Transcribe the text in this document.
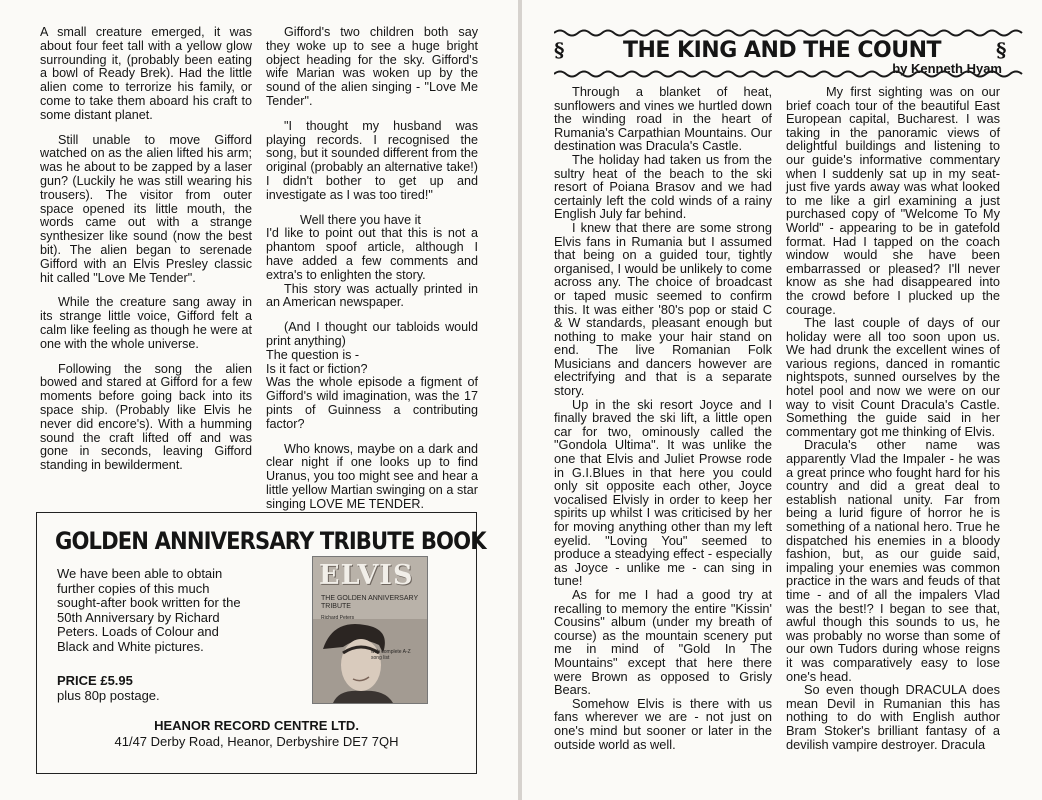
A small creature emerged, it was about four feet tall with a yellow glow surrounding it, (probably been eating a bowl of Ready Brek). Had the little alien come to terrorize his family, or come to take them aboard his craft to some distant planet.

Still unable to move Gifford watched on as the alien lifted his arm; was he about to be zapped by a laser gun? (Luckily he was still wearing his trousers). The visitor from outer space opened its little mouth, the words came out with a strange synthesizer like sound (now the best bit). The alien began to serenade Gifford with an Elvis Presley classic hit called "Love Me Tender".

While the creature sang away in its strange little voice, Gifford felt a calm like feeling as though he were at one with the whole universe.

Following the song the alien bowed and stared at Gifford for a few moments before going back into its space ship. (Probably like Elvis he never did encore's). With a humming sound the craft lifted off and was gone in seconds, leaving Gifford standing in bewilderment.

Gifford's two children both say they woke up to see a huge bright object heading for the sky. Gifford's wife Marian was woken up by the sound of the alien singing - "Love Me Tender".

"I thought my husband was playing records. I recognised the song, but it sounded different from the original (probably an alternative take!) I didn't bother to get up and investigate as I was too tired!"

Well there you have it

I'd like to point out that this is not a phantom spoof article, although I have added a few comments and extra's to enlighten the story.

This story was actually printed in an American newspaper.

(And I thought our tabloids would print anything)

The question is -

Is it fact or fiction?

Was the whole episode a figment of Gifford's wild imagination, was the 17 pints of Guinness a contributing factor?

Who knows, maybe on a dark and clear night if one looks up to find Uranus, you too might see and hear a little yellow Martian swinging on a star singing LOVE ME TENDER.

GOLDEN ANNIVERSARY TRIBUTE BOOK
We have been able to obtain further copies of this much sought-after book written for the 50th Anniversary by Richard Peters. Loads of Colour and Black and White pictures.
PRICE £5.95
plus 80p postage.
HEANOR RECORD CENTRE LTD.
41/47 Derby Road, Heanor, Derbyshire DE7 7QH
ELVIS
THE GOLDEN ANNIVERSARY TRIBUTE
Richard Peters
with complete A-Z song list
§	THE KING AND THE COUNT	§
by Kenneth Hyam

Through a blanket of heat, sunflowers and vines we hurtled down the winding road in the heart of Rumania's Carpathian Mountains. Our destination was Dracula's Castle.

The holiday had taken us from the sultry heat of the beach to the ski resort of Poiana Brasov and we had certainly left the cold winds of a rainy English July far behind.

I knew that there are some strong Elvis fans in Rumania but I assumed that being on a guided tour, tightly organised, I would be unlikely to come across any. The choice of broadcast or taped music seemed to confirm this. It was either '80's pop or staid C & W standards, pleasant enough but nothing to make your hair stand on end. The live Romanian Folk Musicians and dancers however are electrifying and that is a separate story.

Up in the ski resort Joyce and I finally braved the ski lift, a little open car for two, ominously called the "Gondola Ultima". It was unlike the one that Elvis and Juliet Prowse rode in G.I.Blues in that here you could only sit opposite each other, Joyce vocalised Elvisly in order to keep her spirits up whilst I was criticised by her for moving anything other than my left eyelid. "Loving You" seemed to produce a steadying effect - especially as Joyce - unlike me - can sing in tune!

As for me I had a good try at recalling to memory the entire "Kissin' Cousins" album (under my breath of course) as the mountain scenery put me in mind of "Gold In The Mountains" except that here there were Brown as opposed to Grisly Bears.

Somehow Elvis is there with us fans wherever we are - not just on one's mind but sooner or later in the outside world as well.

My first sighting was on our brief coach tour of the beautiful East European capital, Bucharest. I was taking in the panoramic views of delightful buildings and listening to our guide's informative commentary when I suddenly sat up in my seat-just five yards away was what looked to me like a girl examining a just purchased copy of "Welcome To My World" - appearing to be in gatefold format. Had I tapped on the coach window would she have been embarrassed or pleased? I'll never know as she had disappeared into the crowd before I plucked up the courage.

The last couple of days of our holiday were all too soon upon us. We had drunk the excellent wines of various regions, danced in romantic nightspots, sunned ourselves by the hotel pool and now we were on our way to visit Count Dracula's Castle. Something the guide said in her commentary got me thinking of Elvis.

Dracula's other name was apparently Vlad the Impaler - he was a great prince who fought hard for his country and did a great deal to establish national unity. Far from being a lurid figure of horror he is something of a national hero. True he dispatched his enemies in a bloody fashion, but, as our guide said, impaling your enemies was common practice in the wars and feuds of that time - and of all the impalers Vlad was the best!? I began to see that, awful though this sounds to us, he was probably no worse than some of our own Tudors during whose reigns it was comparatively easy to lose one's head.

So even though DRACULA does mean Devil in Rumanian this has nothing to do with English author Bram Stoker's brilliant fantasy of a devilish vampire destroyer. Dracula
